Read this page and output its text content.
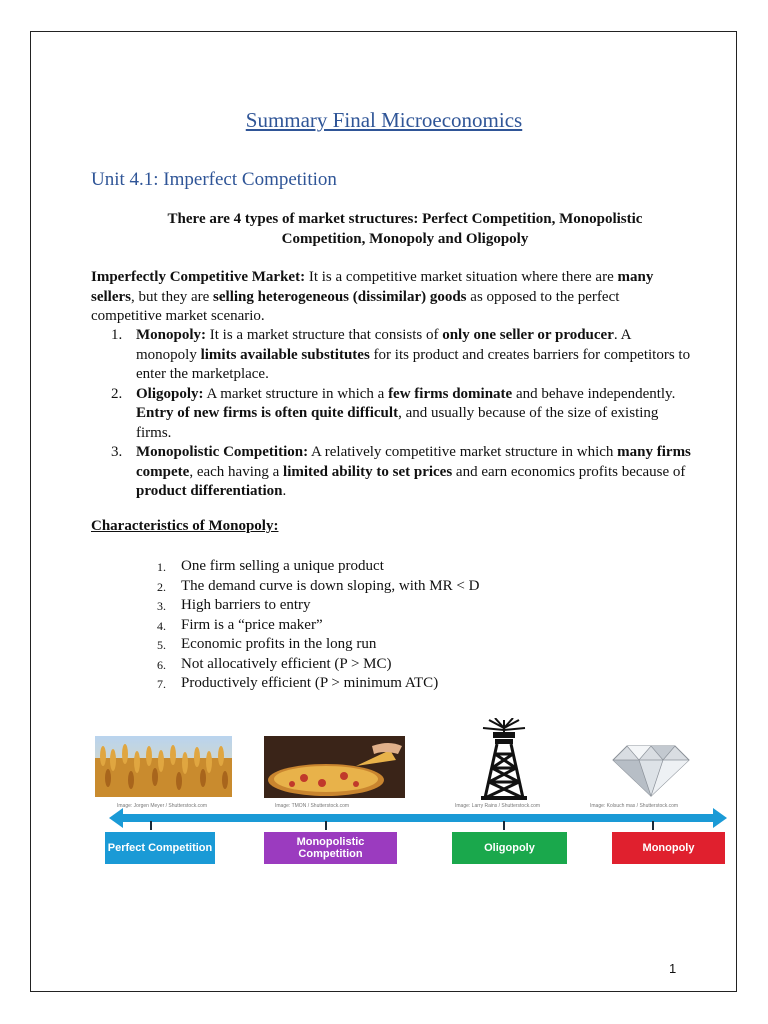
Summary Final Microeconomics
Unit 4.1: Imperfect Competition
There are 4 types of market structures: Perfect Competition, Monopolistic Competition, Monopoly and Oligopoly
Imperfectly Competitive Market: It is a competitive market situation where there are many sellers, but they are selling heterogeneous (dissimilar) goods as opposed to the perfect competitive market scenario.
1. Monopoly: It is a market structure that consists of only one seller or producer. A monopoly limits available substitutes for its product and creates barriers for competitors to enter the marketplace.
2. Oligopoly: A market structure in which a few firms dominate and behave independently. Entry of new firms is often quite difficult, and usually because of the size of existing firms.
3. Monopolistic Competition: A relatively competitive market structure in which many firms compete, each having a limited ability to set prices and earn economics profits because of product differentiation.
Characteristics of Monopoly:
1. One firm selling a unique product
2. The demand curve is down sloping, with MR < D
3. High barriers to entry
4. Firm is a “price maker”
5. Economic profits in the long run
6. Not allocatively efficient (P > MC)
7. Productively efficient (P > minimum ATC)
Image: Jorgen Meyer / Shutterstock.com	Image: TMON / Shutterstock.com	Image: Larry Rains / Shutterstock.com	Image: Kolsuch mas / Shutterstock.com
Perfect Competition	Monopolistic Competition	Oligopoly	Monopoly
1
